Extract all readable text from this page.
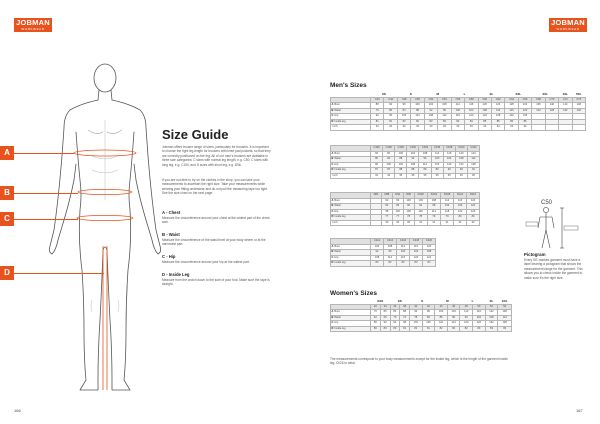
JOBMAN
WORKWEAR
JOBMAN
WORKWEAR
A
B
C
D
Size Guide
Jobman offers trouser range of sizes, particularly for trousers. It is important to choose the right leg length for trousers with knee pad pockets, so that they are correctly positioned on the leg. All of our men's trousers are available in three size categories: C sizes with normal leg length, e.g. C50; C sizes with long leg, e.g. C150; and D sizes with short leg, e.g. D96.
If you are not able to try on the clothes in the shop, you can take your measurements to ascertain the right size. Take your measurements while wearing your fitting underwear and do not pull the measuring tape too tight. See the size chart on the next page.
A - Chest
Measure the circumference around your chest at the widest part of the chest wall.
B - Waist
Measure the circumference of the waist level at your body where or at the narrowest part.
C - Hip
Measure the circumference around your hip at the widest part.
D - Inside Leg
Measure from the crotch down to the sole of your foot. Make sure the tape is straight.
Men's Sizes
	XS		S		M		L		XL		XXL		3XL		4XL	5XL
	C44	C46	C48	C50	C52	C54	C56	C58	C60	C62	C64	C66	C68	C70	C72	C74
ABust	88	92	96	100	104	108	112	116	120	124	128	132	136	140	144	148
BWaist	76	80	84	88	92	96	100	104	108	112	116	120	124	128	132	136
CHip	92	96	100	104	108	112	116	120	124	128	132	136				
DInside leg	81	81	82	82	83	83	84	84	85	85	86	86				
Inch	32	32	32	32	33	33	33	33	34	34	34	34				
	C146	C148	C150	C152	C154	C156	C158	C160	C162
ABust	92	96	100	104	108	112	116	120	124
BWaist	80	84	88	92	96	100	104	108	112
CHip	96	100	104	108	112	116	120	124	128
DInside leg	87	87	88	88	89	89	90	90	91
Inch	34	34	35	35	35	35	35	36	36
	D84	D88	D92	D96	D100	D104	D108	D112	D116
ABust		92	96	100	104	108	112	116	120
BWaist		82	86	90	94	98	102	106	110
CHip		98	102	106	110	114	118	122	126
DInside leg		77	77	78	78	79	79	80	80
Inch		30	30	30	31	31	31	31	32
	C212	C214	C216	C218	C220
ABust	104	108	112	116	120
BWaist	92	96	100	104	108
CHip	108	112	116	120	124
DInside leg	82	82	83	83	84
Women's Sizes
	XXS		XS		S		M		L		XL	XXL
	32	34	36	38	40	42	44	46	48	50	52	54
ABust	76	80	84	88	92	96	100	104	110	116	122	128
BWaist	62	66	70	74	78	82	86	90	96	102	108	114
CHip	86	90	94	98	102	106	110	114	120	126	132	138
DInside leg	80	80	80	81	81	81	82	82	82	83	83	83
C50
Pictogram
Every GE-marked garment must have a label bearing a pictogram that shows the measurement range for the garment. This allows you to check inside the garment to make sure it's the right size.
The measurements correspond to your body measurements except for the inside leg, which is the length of the garment inside leg. Cl/26 to ideal.
166	167
